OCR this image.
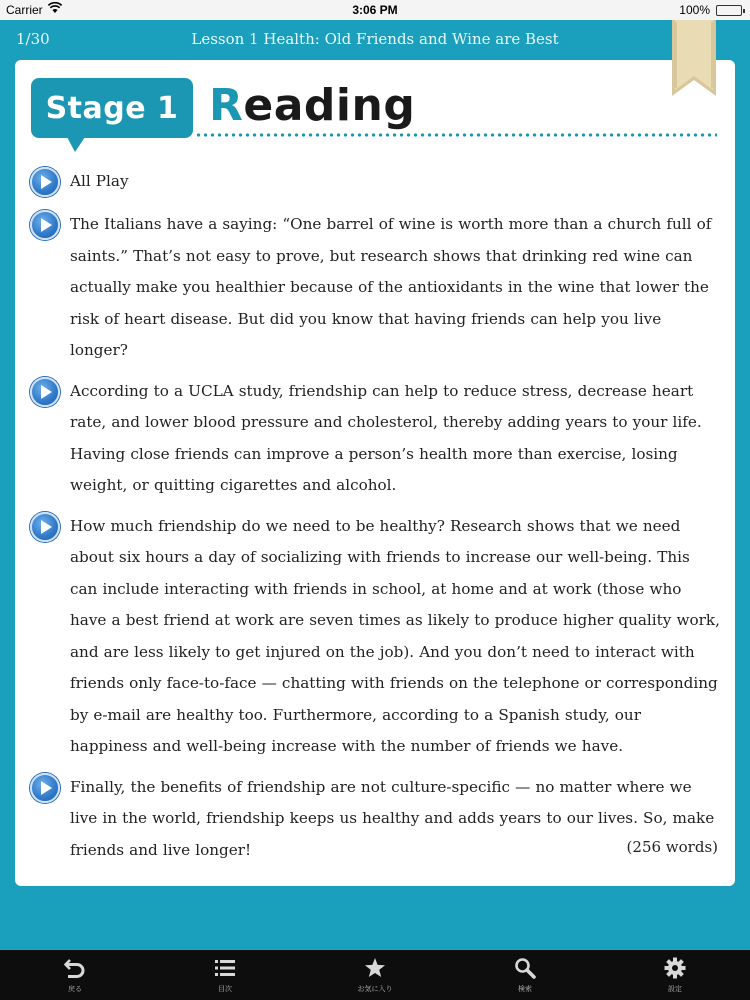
Carrier	3:06 PM	100%
1/30	Lesson 1 Health: Old Friends and Wine are Best
Stage 1 Reading
All Play

The Italians have a saying: “One barrel of wine is worth more than a church full of saints.” That’s not easy to prove, but research shows that drinking red wine can actually make you healthier because of the antioxidants in the wine that lower the risk of heart disease. But did you know that having friends can help you live longer?

According to a UCLA study, friendship can help to reduce stress, decrease heart rate, and lower blood pressure and cholesterol, thereby adding years to your life. Having close friends can improve a person’s health more than exercise, losing weight, or quitting cigarettes and alcohol.

How much friendship do we need to be healthy? Research shows that we need about six hours a day of socializing with friends to increase our well-being. This can include interacting with friends in school, at home and at work (those who have a best friend at work are seven times as likely to produce higher quality work, and are less likely to get injured on the job). And you don’t need to interact with friends only face-to-face — chatting with friends on the telephone or corresponding by e-mail are healthy too. Furthermore, according to a Spanish study, our happiness and well-being increase with the number of friends we have.

Finally, the benefits of friendship are not culture-specific — no matter where we live in the world, friendship keeps us healthy and adds years to our lives. So, make friends and live longer!	(256 words)
戻る	目次	お気に入り	検索	設定
